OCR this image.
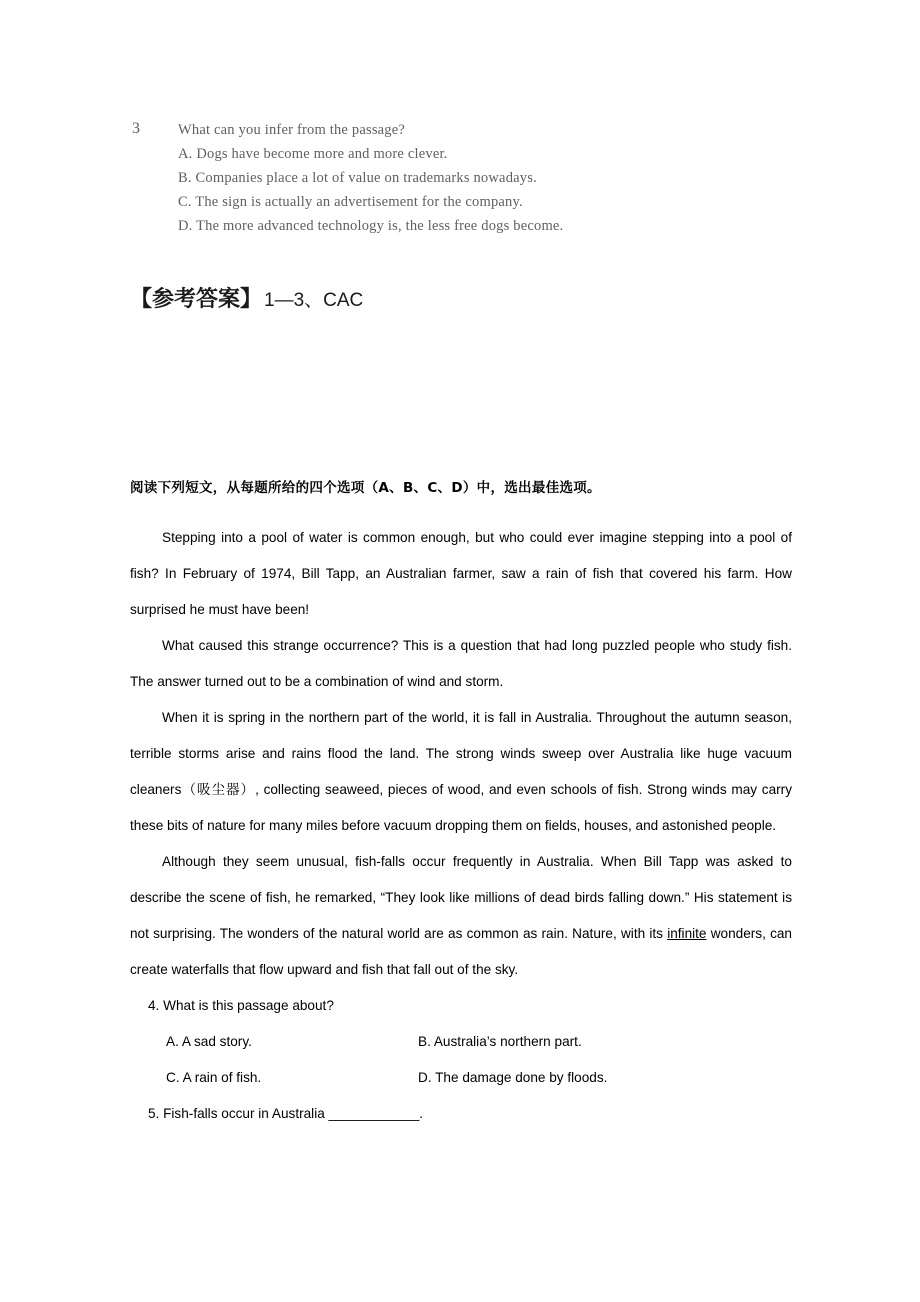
3	What can you infer from the passage?
A. Dogs have become more and more clever.
B. Companies place a lot of value on trademarks nowadays.
C. The sign is actually an advertisement for the company.
D. The more advanced technology is, the less free dogs become.
【参考答案】 1—3、CAC
阅读下列短文，从每题所给的四个选项（A、B、C、D）中，选出最佳选项。

Stepping into a pool of water is common enough, but who could ever imagine stepping into a pool of fish? In February of 1974, Bill Tapp, an Australian farmer, saw a rain of fish that covered his farm. How surprised he must have been!

What caused this strange occurrence? This is a question that had long puzzled people who study fish. The answer turned out to be a combination of wind and storm.

When it is spring in the northern part of the world, it is fall in Australia. Throughout the autumn season, terrible storms arise and rains flood the land. The strong winds sweep over Australia like huge vacuum cleaners（吸尘器）, collecting seaweed, pieces of wood, and even schools of fish. Strong winds may carry these bits of nature for many miles before vacuum dropping them on fields, houses, and astonished people.

Although they seem unusual, fish-falls occur frequently in Australia. When Bill Tapp was asked to describe the scene of fish, he remarked, “They look like millions of dead birds falling down.” His statement is not surprising. The wonders of the natural world are as common as rain. Nature, with its infinite wonders, can create waterfalls that flow upward and fish that fall out of the sky.

4. What is this passage about?
A. A sad story.	B. Australia’s northern part.
C. A rain of fish.	D. The damage done by floods.
5. Fish-falls occur in Australia ____________.
